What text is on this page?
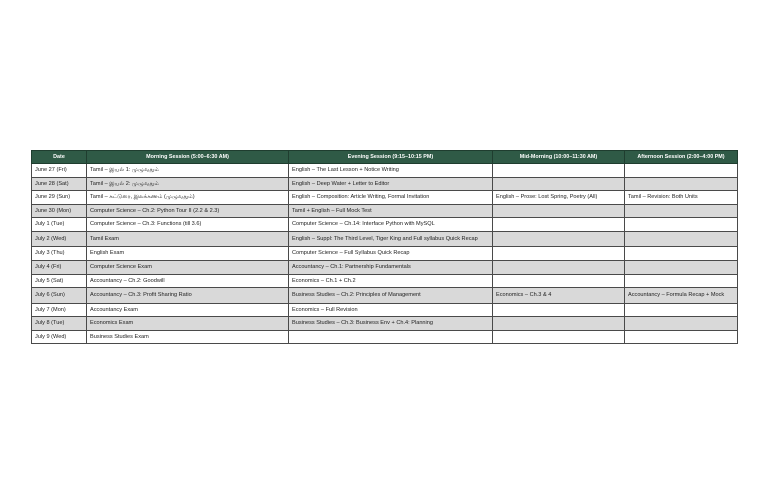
Date	Morning Session (5:00–6:30 AM)	Evening Session (9:15–10:15 PM)	Mid-Morning (10:00–11:30 AM)	Afternoon Session (2:00–4:00 PM)
June 27 (Fri)	Tamil – இயல் 1: முழுவதும்	English – The Last Lesson + Notice Writing		
June 28 (Sat)	Tamil – இயல் 2: முழுவதும்	English – Deep Water + Letter to Editor		
June 29 (Sun)	Tamil – கட்டுரை, இலக்கணம் (முழுவதும்)	English – Composition: Article Writing, Formal Invitation	English – Prose: Lost Spring, Poetry (All)	Tamil – Revision: Both Units
June 30 (Mon)	Computer Science – Ch.2: Python Tour II (2.2 & 2.3)	Tamil + English – Full Mock Test		
July 1 (Tue)	Computer Science – Ch.3: Functions (till 3.6)	Computer Science – Ch.14: Interface Python with MySQL		
July 2 (Wed)	Tamil Exam	English – Suppl: The Third Level, Tiger King and Full syllabus Quick Recap		
July 3 (Thu)	English Exam	Computer Science – Full Syllabus Quick Recap		
July 4 (Fri)	Computer Science Exam	Accountancy – Ch.1: Partnership Fundamentals		
July 5 (Sat)	Accountancy – Ch.2: Goodwill	Economics – Ch.1 + Ch.2		
July 6 (Sun)	Accountancy – Ch.3: Profit Sharing Ratio	Business Studies – Ch.2: Principles of Management	Economics – Ch.3 & 4	Accountancy – Formula Recap + Mock
July 7 (Mon)	Accountancy Exam	Economics – Full Revision		
July 8 (Tue)	Economics Exam	Business Studies – Ch.3: Business Env + Ch.4: Planning		
July 9 (Wed)	Business Studies Exam			
